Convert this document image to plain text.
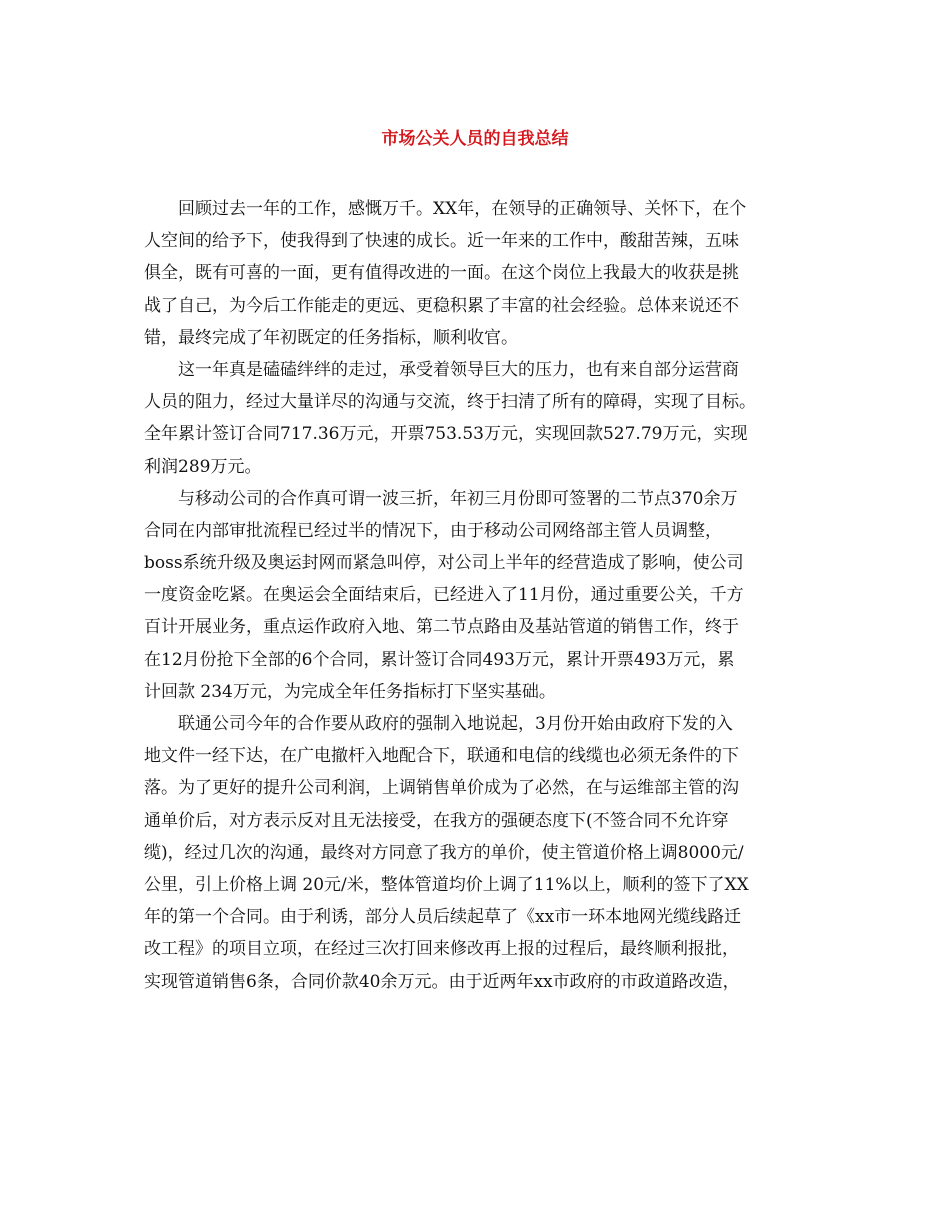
市场公关人员的自我总结
回顾过去一年的工作，感慨万千。XX年，在领导的正确领导、关怀下，在个
人空间的给予下，使我得到了快速的成长。近一年来的工作中，酸甜苦辣，五味
俱全，既有可喜的一面，更有值得改进的一面。在这个岗位上我最大的收获是挑
战了自己，为今后工作能走的更远、更稳积累了丰富的社会经验。总体来说还不
错，最终完成了年初既定的任务指标，顺利收官。
这一年真是磕磕绊绊的走过，承受着领导巨大的压力，也有来自部分运营商
人员的阻力，经过大量详尽的沟通与交流，终于扫清了所有的障碍，实现了目标。
全年累计签订合同717.36万元，开票753.53万元，实现回款527.79万元，实现
利润289万元。
与移动公司的合作真可谓一波三折，年初三月份即可签署的二节点370余万
合同在内部审批流程已经过半的情况下，由于移动公司网络部主管人员调整，
boss系统升级及奥运封网而紧急叫停，对公司上半年的经营造成了影响，使公司
一度资金吃紧。在奥运会全面结束后，已经进入了11月份，通过重要公关，千方
百计开展业务，重点运作政府入地、第二节点路由及基站管道的销售工作，终于
在12月份抢下全部的6个合同，累计签订合同493万元，累计开票493万元，累
计回款 234万元，为完成全年任务指标打下坚实基础。
联通公司今年的合作要从政府的强制入地说起，3月份开始由政府下发的入
地文件一经下达，在广电撤杆入地配合下，联通和电信的线缆也必须无条件的下
落。为了更好的提升公司利润，上调销售单价成为了必然，在与运维部主管的沟
通单价后，对方表示反对且无法接受，在我方的强硬态度下(不签合同不允许穿
缆)，经过几次的沟通，最终对方同意了我方的单价，使主管道价格上调8000元/
公里，引上价格上调 20元/米，整体管道均价上调了11%以上，顺利的签下了XX
年的第一个合同。由于利诱，部分人员后续起草了《xx市一环本地网光缆线路迁
改工程》的项目立项，在经过三次打回来修改再上报的过程后，最终顺利报批，
实现管道销售6条，合同价款40余万元。由于近两年xx市政府的市政道路改造，
